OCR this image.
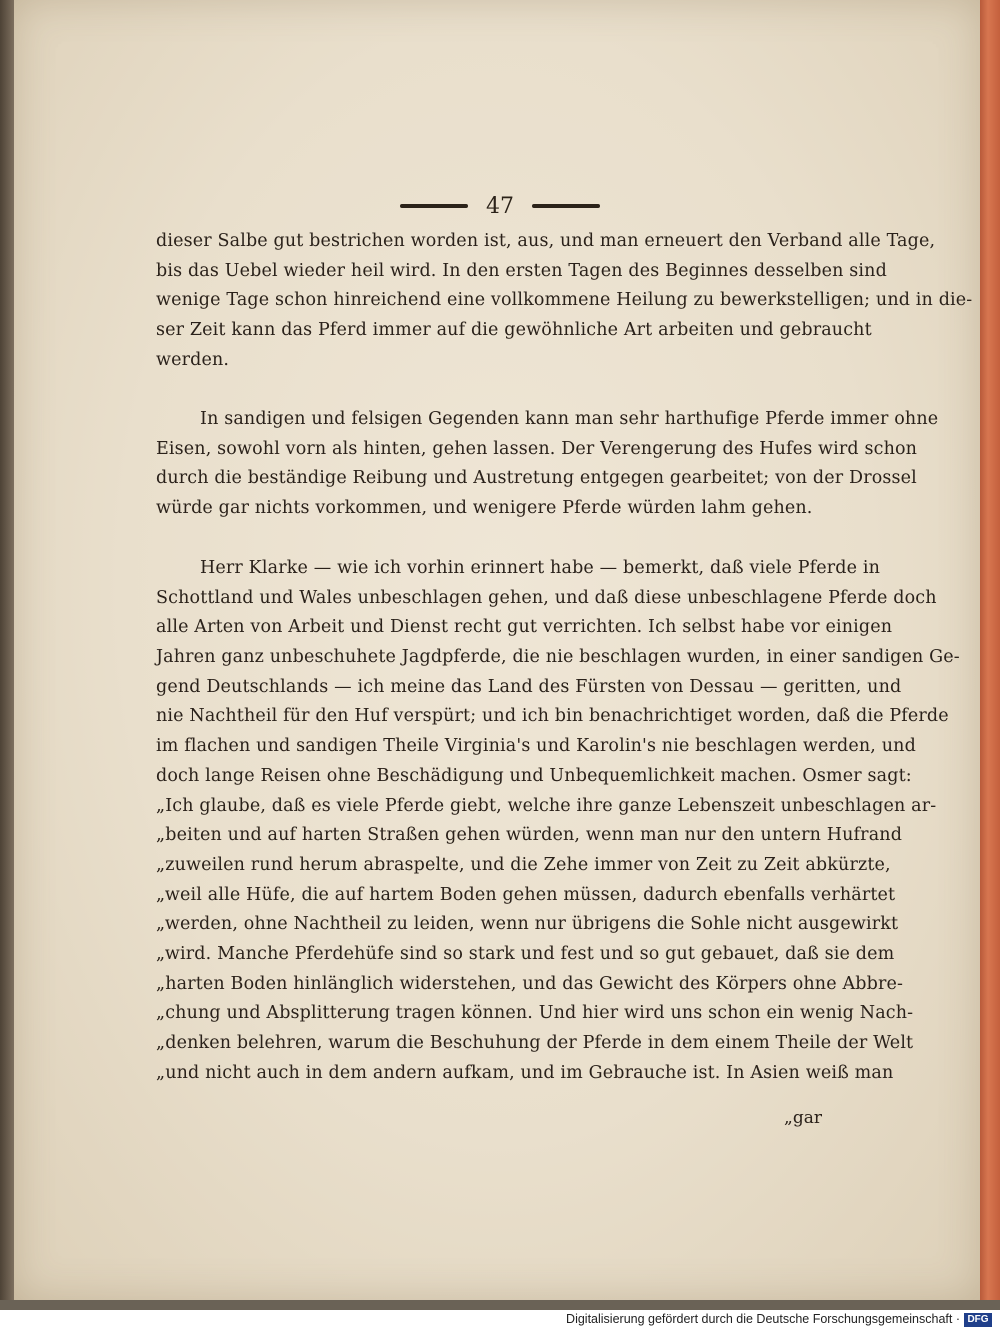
47
dieser Salbe gut bestrichen worden ist, aus, und man erneuert den Verband alle Tage,
bis das Uebel wieder heil wird. In den ersten Tagen des Beginnes desselben sind
wenige Tage schon hinreichend eine vollkommene Heilung zu bewerkstelligen; und in die-
ser Zeit kann das Pferd immer auf die gewöhnliche Art arbeiten und gebraucht
werden.
In sandigen und felsigen Gegenden kann man sehr harthufige Pferde immer ohne
Eisen, sowohl vorn als hinten, gehen lassen. Der Verengerung des Hufes wird schon
durch die beständige Reibung und Austretung entgegen gearbeitet; von der Drossel
würde gar nichts vorkommen, und wenigere Pferde würden lahm gehen.
Herr Klarke — wie ich vorhin erinnert habe — bemerkt, daß viele Pferde in
Schottland und Wales unbeschlagen gehen, und daß diese unbeschlagene Pferde doch
alle Arten von Arbeit und Dienst recht gut verrichten. Ich selbst habe vor einigen
Jahren ganz unbeschuhete Jagdpferde, die nie beschlagen wurden, in einer sandigen Ge-
gend Deutschlands — ich meine das Land des Fürsten von Dessau — geritten, und
nie Nachtheil für den Huf verspürt; und ich bin benachrichtiget worden, daß die Pferde
im flachen und sandigen Theile Virginia's und Karolin's nie beschlagen werden, und
doch lange Reisen ohne Beschädigung und Unbequemlichkeit machen. Osmer sagt:
„Ich glaube, daß es viele Pferde giebt, welche ihre ganze Lebenszeit unbeschlagen ar-
„beiten und auf harten Straßen gehen würden, wenn man nur den untern Hufrand
„zuweilen rund herum abraspelte, und die Zehe immer von Zeit zu Zeit abkürzte,
„weil alle Hüfe, die auf hartem Boden gehen müssen, dadurch ebenfalls verhärtet
„werden, ohne Nachtheil zu leiden, wenn nur übrigens die Sohle nicht ausgewirkt
„wird. Manche Pferdehüfe sind so stark und fest und so gut gebauet, daß sie dem
„harten Boden hinlänglich widerstehen, und das Gewicht des Körpers ohne Abbre-
„chung und Absplitterung tragen können. Und hier wird uns schon ein wenig Nach-
„denken belehren, warum die Beschuhung der Pferde in dem einem Theile der Welt
„und nicht auch in dem andern aufkam, und im Gebrauche ist. In Asien weiß man
„gar
Digitalisierung gefördert durch die Deutsche Forschungsgemeinschaft · DFG
